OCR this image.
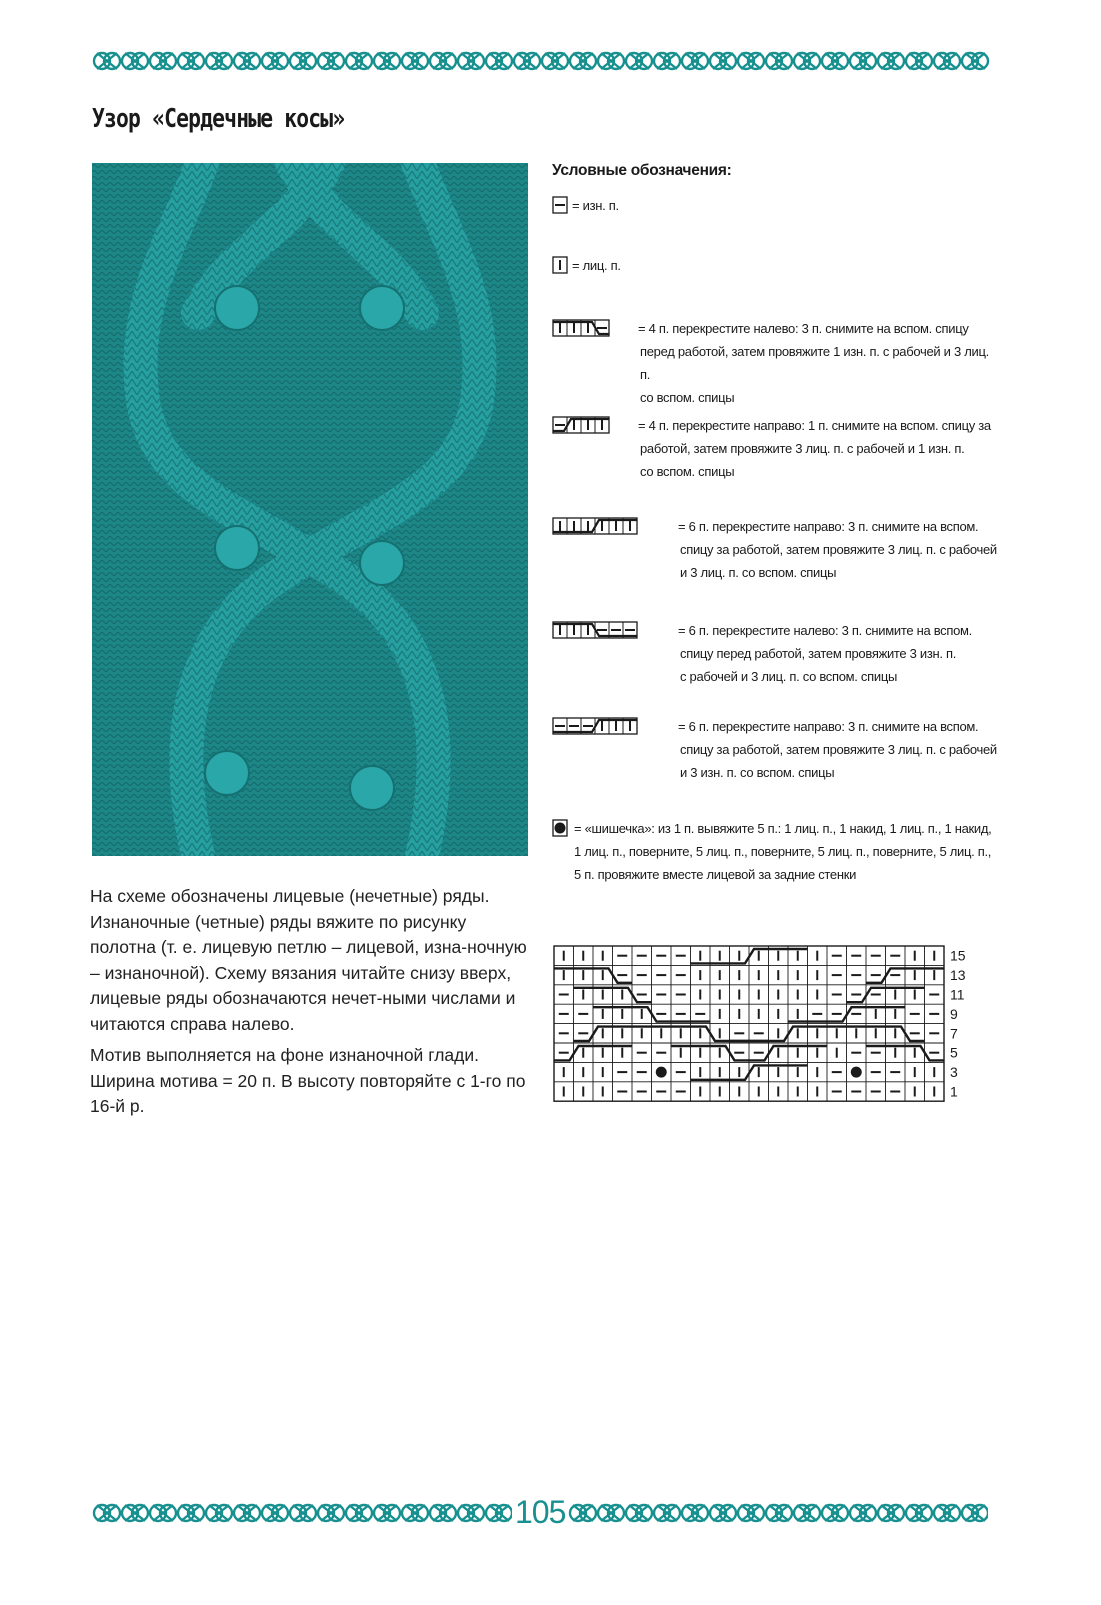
Узор «Сердечные косы»
Условные обозначения:
= изн. п.
= лиц. п.
= 4 п. перекрестите налево: 3 п. снимите на вспом. спицу
перед работой, затем провяжите 1 изн. п. с рабочей и 3 лиц. п.
со вспом. спицы
= 4 п. перекрестите направо: 1 п. снимите на вспом. спицу за
работой, затем провяжите 3 лиц. п. с рабочей и 1 изн. п.
со вспом. спицы
= 6 п. перекрестите направо: 3 п. снимите на вспом.
спицу за работой, затем провяжите 3 лиц. п. с рабочей
и 3 лиц. п. со вспом. спицы
= 6 п. перекрестите налево: 3 п. снимите на вспом.
спицу перед работой, затем провяжите 3 изн. п.
с рабочей и 3 лиц. п. со вспом. спицы
= 6 п. перекрестите направо: 3 п. снимите на вспом.
спицу за работой, затем провяжите 3 лиц. п. с рабочей
и 3 изн. п. со вспом. спицы
= «шишечка»: из 1 п. вывяжите 5 п.: 1 лиц. п., 1 накид, 1 лиц. п., 1 накид,
1 лиц. п., поверните, 5 лиц. п., поверните, 5 лиц. п., поверните, 5 лиц. п.,
5 п. провяжите вместе лицевой за задние стенки

На схеме обозначены лицевые (нечетные) ряды. Изнаночные (четные) ряды вяжите по рисунку полотна (т. е. лицевую петлю – лицевой, изна-ночную – изнаночной). Схему вязания читайте снизу вверх, лицевые ряды обозначаются нечет-ными числами и читаются справа налево.

Мотив выполняется на фоне изнаночной глади. Ширина мотива = 20 п. В высоту повторяйте с 1-го по 16-й р.

15
13
11
9
7
5
3
1
105
